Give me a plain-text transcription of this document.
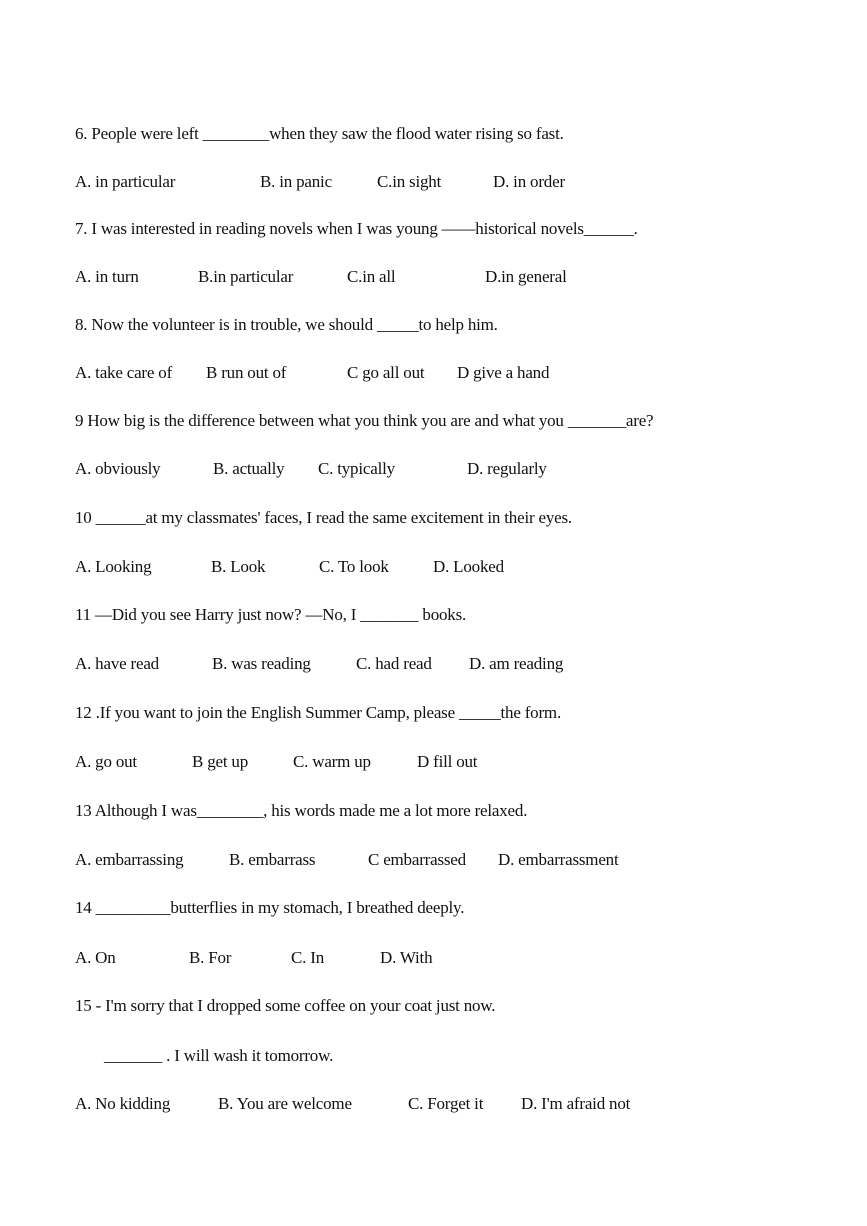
6. People were left ________when they saw the flood water rising so fast.
A. in particular	B. in panic	C.in sight	D. in order
7. I was interested in reading novels when I was young ——historical novels______.
A. in turn	B.in particular	C.in all	D.in general
8. Now the volunteer is in trouble, we should _____to help him.
A. take care of B run out of	C go all out D give a hand
9 How big is the difference between what you think you are and what you _______are?
A. obviously	B. actually C. typically	D. regularly
10 ______at my classmates' faces, I read the same excitement in their eyes.
A. Looking	B. Look	C. To look	D. Looked
11 —Did you see Harry just now? —No, I _______ books.
A. have read	B. was reading	C. had read D. am reading
12 .If you want to join the English Summer Camp, please _____the form.
A. go out	B get up	C. warm up	D fill out
13 Although I was________, his words made me a lot more relaxed.
A. embarrassing	B. embarrass	C embarrassed D. embarrassment
14 _________butterflies in my stomach, I breathed deeply.
A. On	B. For	C. In	D. With
15 - I'm sorry that I dropped some coffee on your coat just now.
_______ . I will wash it tomorrow.
A. No kidding	B. You are welcome	C. Forget it D. I'm afraid not
